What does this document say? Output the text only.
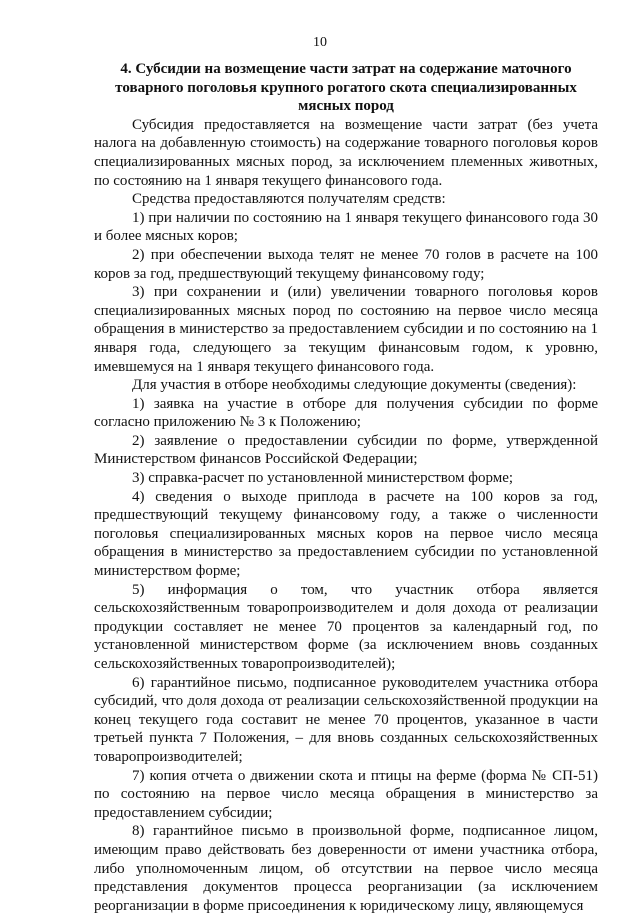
10

4. Субсидии на возмещение части затрат на содержание маточного товарного поголовья крупного рогатого скота специализированных мясных пород

Субсидия предоставляется на возмещение части затрат (без учета налога на добавленную стоимость) на содержание товарного поголовья коров специализированных мясных пород, за исключением племенных животных, по состоянию на 1 января текущего финансового года.

Средства предоставляются получателям средств:

1) при наличии по состоянию на 1 января текущего финансового года 30 и более мясных коров;

2) при обеспечении выхода телят не менее 70 голов в расчете на 100 коров за год, предшествующий текущему финансовому году;

3) при сохранении и (или) увеличении товарного поголовья коров специализированных мясных пород по состоянию на первое число месяца обращения в министерство за предоставлением субсидии и по состоянию на 1 января года, следующего за текущим финансовым годом, к уровню, имевшемуся на 1 января текущего финансового года.

Для участия в отборе необходимы следующие документы (сведения):

1) заявка на участие в отборе для получения субсидии по форме согласно приложению № 3 к Положению;

2) заявление о предоставлении субсидии по форме, утвержденной Министерством финансов Российской Федерации;

3) справка-расчет по установленной министерством форме;

4) сведения о выходе приплода в расчете на 100 коров за год, предшествующий текущему финансовому году, а также о численности поголовья специализированных мясных коров на первое число месяца обращения в министерство за предоставлением субсидии по установленной министерством форме;

5) информация о том, что участник отбора является сельскохозяйственным товаропроизводителем и доля дохода от реализации продукции составляет не менее 70 процентов за календарный год, по установленной министерством форме (за исключением вновь созданных сельскохозяйственных товаропроизводителей);

6) гарантийное письмо, подписанное руководителем участника отбора субсидий, что доля дохода от реализации сельскохозяйственной продукции на конец текущего года составит не менее 70 процентов, указанное в части третьей пункта 7 Положения, – для вновь созданных сельскохозяйственных товаропроизводителей;

7) копия отчета о движении скота и птицы на ферме (форма № СП-51) по состоянию на первое число месяца обращения в министерство за предоставлением субсидии;

8) гарантийное письмо в произвольной форме, подписанное лицом, имеющим право действовать без доверенности от имени участника отбора, либо уполномоченным лицом, об отсутствии на первое число месяца представления документов процесса реорганизации (за исключением реорганизации в форме присоединения к юридическому лицу, являющемуся
